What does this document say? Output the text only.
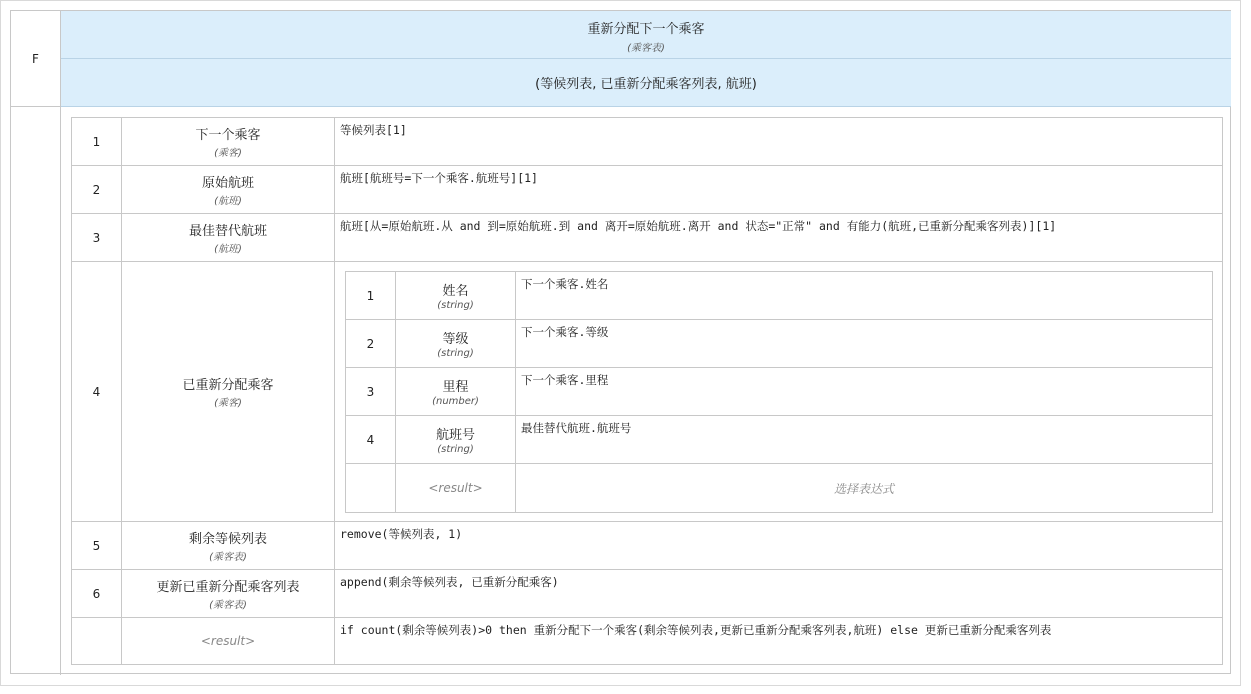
F
重新分配下一个乘客
(乘客表)
(等候列表, 已重新分配乘客列表, 航班)
1	下一个乘客
(乘客)
等候列表[1]
2	原始航班
(航班)
航班[航班号=下一个乘客.航班号][1]
3	最佳替代航班
(航班)
航班[从=原始航班.从 and 到=原始航班.到 and 离开=原始航班.离开 and 状态="正常" and 有能力(航班,已重新分配乘客列表)][1]
4	已重新分配乘客
(乘客)
1	姓名
(string)
下一个乘客.姓名
2	等级
(string)
下一个乘客.等级
3	里程
(number)
下一个乘客.里程
4	航班号
(string)
最佳替代航班.航班号
<result>	选择表达式
5	剩余等候列表
(乘客表)
remove(等候列表, 1)
6	更新已重新分配乘客列表
(乘客表)
append(剩余等候列表, 已重新分配乘客)
<result>
if count(剩余等候列表)>0 then 重新分配下一个乘客(剩余等候列表,更新已重新分配乘客列表,航班) else 更新已重新分配乘客列表
